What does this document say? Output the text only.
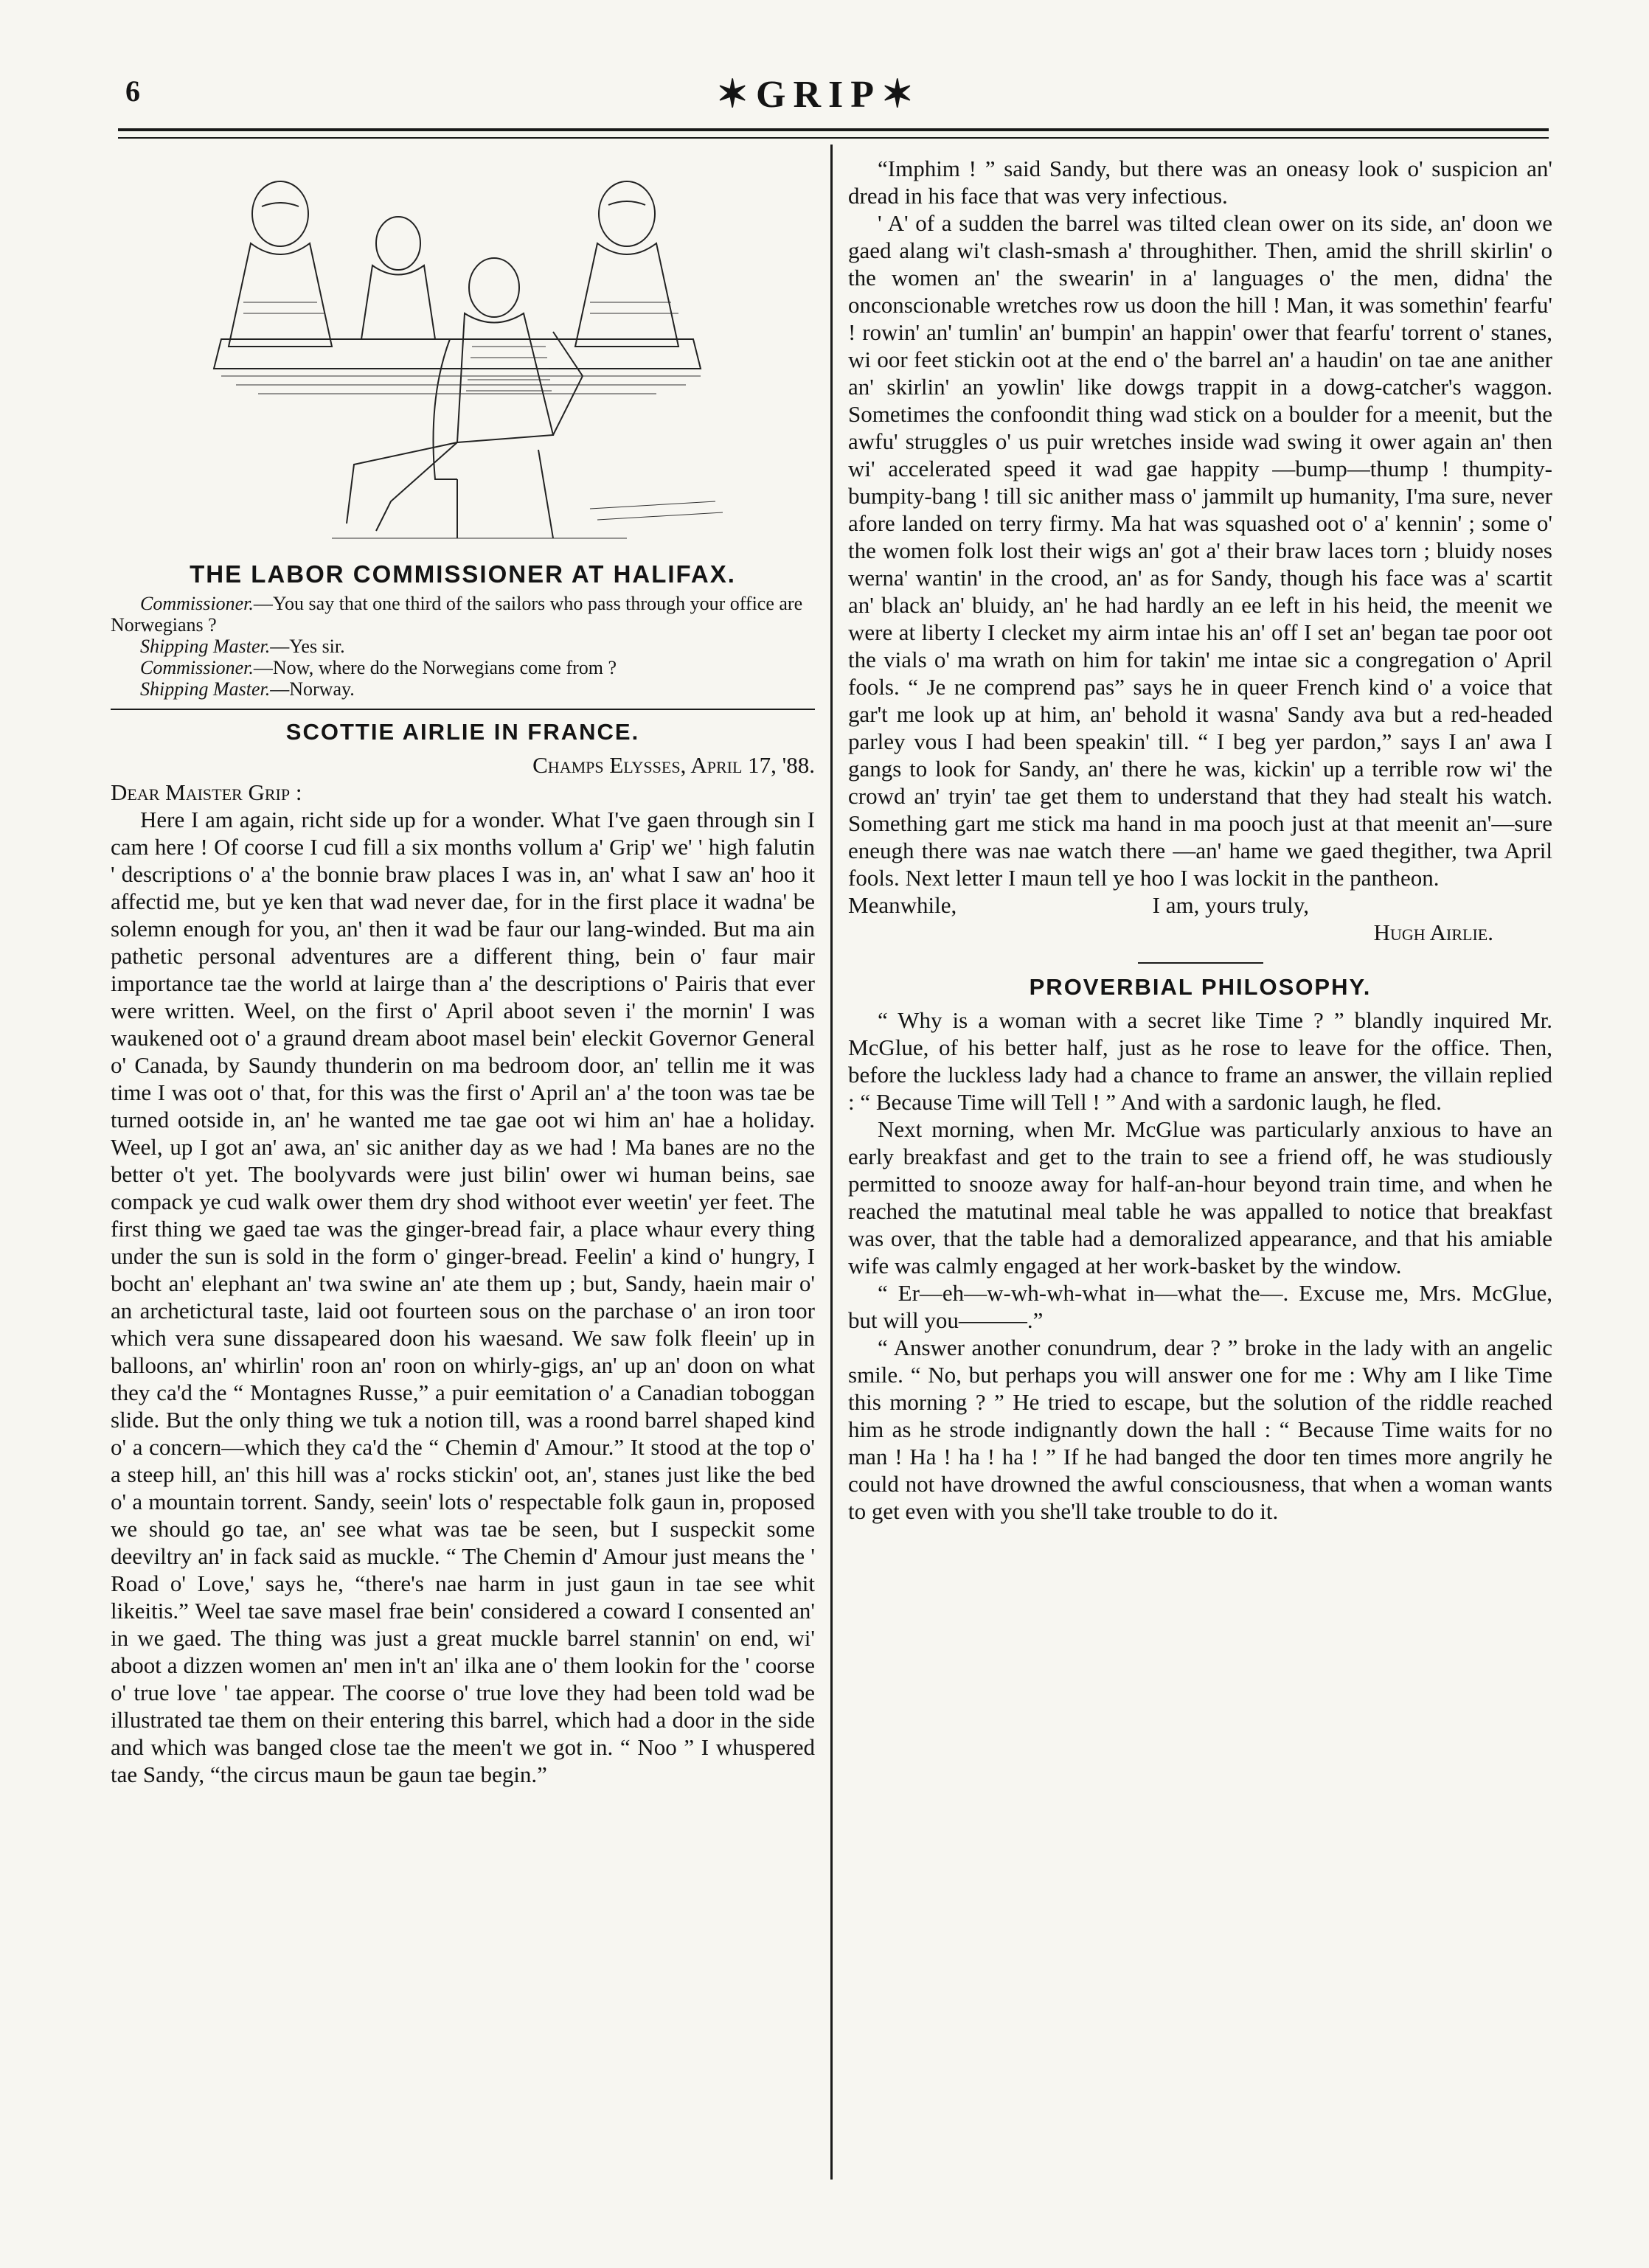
6	✶GRIP✶
THE LABOR COMMISSIONER AT HALIFAX.
Commissioner.—You say that one third of the sailors who pass through your office are Norwegians ?
Shipping Master.—Yes sir.
Commissioner.—Now, where do the Norwegians come from ?
Shipping Master.—Norway.
SCOTTIE AIRLIE IN FRANCE.
Champs Elysses, April 17, '88.
Dear Maister Grip :

Here I am again, richt side up for a wonder. What I've gaen through sin I cam here ! Of coorse I cud fill a six months vollum a' Grip' we' ' high falutin ' descriptions o' a' the bonnie braw places I was in, an' what I saw an' hoo it affectid me, but ye ken that wad never dae, for in the first place it wadna' be solemn enough for you, an' then it wad be faur our lang-winded. But ma ain pathetic personal adventures are a different thing, bein o' faur mair importance tae the world at lairge than a' the descriptions o' Pairis that ever were written. Weel, on the first o' April aboot seven i' the mornin' I was waukened oot o' a graund dream aboot masel bein' eleckit Governor General o' Canada, by Saundy thunderin on ma bedroom door, an' tellin me it was time I was oot o' that, for this was the first o' April an' a' the toon was tae be turned ootside in, an' he wanted me tae gae oot wi him an' hae a holiday. Weel, up I got an' awa, an' sic anither day as we had ! Ma banes are no the better o't yet. The boolyvards were just bilin' ower wi human beins, sae compack ye cud walk ower them dry shod withoot ever weetin' yer feet. The first thing we gaed tae was the ginger-bread fair, a place whaur every thing under the sun is sold in the form o' ginger-bread. Feelin' a kind o' hungry, I bocht an' elephant an' twa swine an' ate them up ; but, Sandy, haein mair o' an archetictural taste, laid oot fourteen sous on the parchase o' an iron toor which vera sune dissapeared doon his waesand. We saw folk fleein' up in balloons, an' whirlin' roon an' roon on whirly-gigs, an' up an' doon on what they ca'd the “ Montagnes Russe,” a puir eemitation o' a Canadian toboggan slide. But the only thing we tuk a notion till, was a roond barrel shaped kind o' a concern—which they ca'd the “ Chemin d' Amour.” It stood at the top o' a steep hill, an' this hill was a' rocks stickin' oot, an', stanes just like the bed o' a mountain torrent. Sandy, seein' lots o' respectable folk gaun in, proposed we should go tae, an' see what was tae be seen, but I suspeckit some deeviltry an' in fack said as muckle. “ The Chemin d' Amour just means the ' Road o' Love,' says he, “there's nae harm in just gaun in tae see whit likeitis.” Weel tae save masel frae bein' considered a coward I consented an' in we gaed. The thing was just a great muckle barrel stannin' on end, wi' aboot a dizzen women an' men in't an' ilka ane o' them lookin for the ' coorse o' true love ' tae appear. The coorse o' true love they had been told wad be illustrated tae them on their entering this barrel, which had a door in the side and which was banged close tae the meen't we got in. “ Noo ” I whuspered tae Sandy, “the circus maun be gaun tae begin.”

“Imphim ! ” said Sandy, but there was an oneasy look o' suspicion an' dread in his face that was very infectious.

' A' of a sudden the barrel was tilted clean ower on its side, an' doon we gaed alang wi't clash-smash a' throughither. Then, amid the shrill skirlin' o the women an' the swearin' in a' languages o' the men, didna' the onconscionable wretches row us doon the hill ! Man, it was somethin' fearfu' ! rowin' an' tumlin' an' bumpin' an happin' ower that fearfu' torrent o' stanes, wi oor feet stickin oot at the end o' the barrel an' a haudin' on tae ane anither an' skirlin' an yowlin' like dowgs trappit in a dowg-catcher's waggon. Sometimes the confoondit thing wad stick on a boulder for a meenit, but the awfu' struggles o' us puir wretches inside wad swing it ower again an' then wi' accelerated speed it wad gae happity —bump—thump ! thumpity-bumpity-bang ! till sic anither mass o' jammilt up humanity, I'ma sure, never afore landed on terry firmy. Ma hat was squashed oot o' a' kennin' ; some o' the women folk lost their wigs an' got a' their braw laces torn ; bluidy noses werna' wantin' in the crood, an' as for Sandy, though his face was a' scartit an' black an' bluidy, an' he had hardly an ee left in his heid, the meenit we were at liberty I clecket my airm intae his an' off I set an' began tae poor oot the vials o' ma wrath on him for takin' me intae sic a congregation o' April fools. “ Je ne comprend pas” says he in queer French kind o' a voice that gar't me look up at him, an' behold it wasna' Sandy ava but a red-headed parley vous I had been speakin' till. “ I beg yer pardon,” says I an' awa I gangs to look for Sandy, an' there he was, kickin' up a terrible row wi' the crowd an' tryin' tae get them to understand that they had stealt his watch. Something gart me stick ma hand in ma pooch just at that meenit an'—sure eneugh there was nae watch there —an' hame we gaed thegither, twa April fools. Next letter I maun tell ye hoo I was lockit in the pantheon.

Meanwhile,	I am, yours truly,
Hugh Airlie.
PROVERBIAL PHILOSOPHY.

“ Why is a woman with a secret like Time ? ” blandly inquired Mr. McGlue, of his better half, just as he rose to leave for the office. Then, before the luckless lady had a chance to frame an answer, the villain replied : “ Because Time will Tell ! ” And with a sardonic laugh, he fled.

Next morning, when Mr. McGlue was particularly anxious to have an early breakfast and get to the train to see a friend off, he was studiously permitted to snooze away for half-an-hour beyond train time, and when he reached the matutinal meal table he was appalled to notice that breakfast was over, that the table had a demoralized appearance, and that his amiable wife was calmly engaged at her work-basket by the window.

“ Er—eh—w-wh-wh-what in—what the—. Excuse me, Mrs. McGlue, but will you———.”

“ Answer another conundrum, dear ? ” broke in the lady with an angelic smile. “ No, but perhaps you will answer one for me : Why am I like Time this morning ? ” He tried to escape, but the solution of the riddle reached him as he strode indignantly down the hall : “ Because Time waits for no man ! Ha ! ha ! ha ! ” If he had banged the door ten times more angrily he could not have drowned the awful consciousness, that when a woman wants to get even with you she'll take trouble to do it.
